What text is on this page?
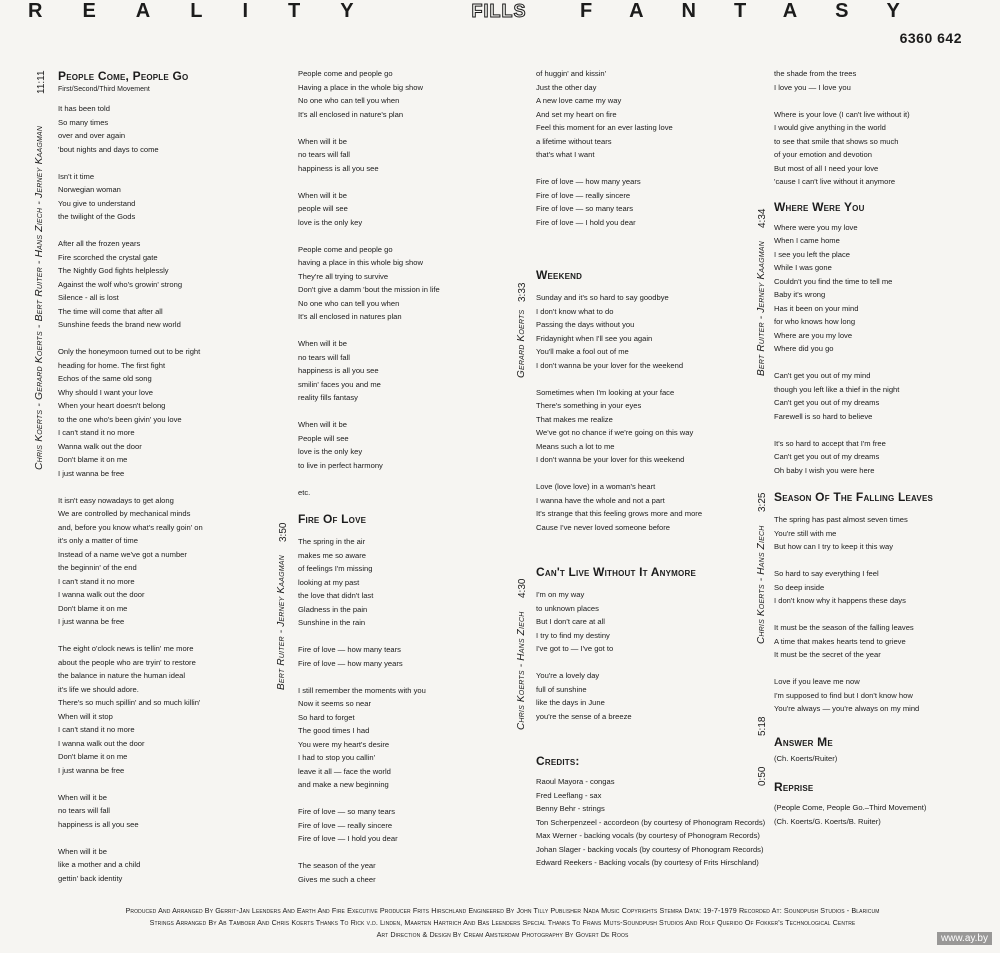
REALITY	FILLS	FANTASY
6360 642
Chris Koerts - Gerard Koerts - Bert Ruiter - Hans Ziech - Jerney Kaagman
11:11 People Come, People Go
First/Second/Third Movement
It has been told
So many times
over and over again
'bout nights and days to come
Isn't it time
Norwegian woman
You give to understand
the twilight of the Gods
After all the frozen years
Fire scorched the crystal gate
The Nightly God fights helplessly
Against the wolf who's growin' strong
Silence - all is lost
The time will come that after all
Sunshine feeds the brand new world
Only the honeymoon turned out to be right
heading for home. The first fight
Echos of the same old song
Why should I want your love
When your heart doesn't belong
to the one who's been givin' you love
I can't stand it no more
Wanna walk out the door
Don't blame it on me
I just wanna be free
It isn't easy nowadays to get along
We are controlled by mechanical minds
and, before you know what's really goin' on
it's only a matter of time
Instead of a name we've got a number
the beginnin' of the end
I can't stand it no more
I wanna walk out the door
Don't blame it on me
I just wanna be free
The eight o'clock news is tellin' me more
about the people who are tryin' to restore
the balance in nature the human ideal
it's life we should adore.
There's so much spillin' and so much killin'
When will it stop
I can't stand it no more
I wanna walk out the door
Don't blame it on me
I just wanna be free
When will it be
no tears will fall
happiness is all you see
When will it be
like a mother and a child
gettin' back identity
People come and people go
Having a place in the whole big show
No one who can tell you when
It's all enclosed in nature's plan
When will it be
no tears will fall
happiness is all you see
When will it be
people will see
love is the only key
People come and people go
having a place in this whole big show
They're all trying to survive
Don't give a damm 'bout the mission in life
No one who can tell you when
It's all enclosed in natures plan
When will it be
no tears will fall
happiness is all you see
smilin' faces you and me
reality fills fantasy
When will it be
People will see
love is the only key
to live in perfect harmony
etc.
Fire Of Love
The spring in the air
makes me so aware
of feelings I'm missing
looking at my past
the love that didn't last
Gladness in the pain
Sunshine in the rain
Fire of love — how many tears
Fire of love — how many years
I still remember the moments with you
Now it seems so near
So hard to forget
The good times I had
You were my heart's desire
I had to stop you callin'
leave it all — face the world
and make a new beginning
Fire of love — so many tears
Fire of love — really sincere
Fire of love — I hold you dear
The season of the year
Gives me such a cheer
Bert Ruiter - Jerney Kaagman
3:50
of huggin' and kissin'
Just the other day
A new love came my way
And set my heart on fire
Feel this moment for an ever lasting love
a lifetime without tears
that's what I want
Fire of love — how many years
Fire of love — really sincere
Fire of love — so many tears
Fire of love — I hold you dear
Weekend
Sunday and it's so hard to say goodbye
I don't know what to do
Passing the days without you
Fridaynight when I'll see you again
You'll make a fool out of me
I don't wanna be your lover for the weekend
Sometimes when I'm looking at your face
There's something in your eyes
That makes me realize
We've got no chance if we're going on this way
Means such a lot to me
I don't wanna be your lover for this weekend
Love (love love) in a woman's heart
I wanna have the whole and not a part
It's strange that this feeling grows more and more
Cause I've never loved someone before
Can't Live Without It Anymore
I'm on my way
to unknown places
But I don't care at all
I try to find my destiny
I've got to — I've got to
You're a lovely day
full of sunshine
like the days in June
you're the sense of a breeze
Credits:
Raoul Mayora - congas
Fred Leeflang - sax
Benny Behr - strings
Ton Scherpenzeel - accordeon (by courtesy of Phonogram Records)
Max Werner - backing vocals (by courtesy of Phonogram Records)
Johan Slager - backing vocals (by courtesy of Phonogram Records)
Edward Reekers - Backing vocals (by courtesy of Frits Hirschland)
Gerard Koerts
3:33
Chris Koerts - Hans Ziech
4:30
the shade from the trees
I love you — I love you
Where is your love (I can't live without it)
I would give anything in the world
to see that smile that shows so much
of your emotion and devotion
But most of all I need your love
'cause I can't live without it anymore
Where Were You
Where were you my love
When I came home
I see you left the place
While I was gone
Couldn't you find the time to tell me
Baby it's wrong
Has it been on your mind
for who knows how long
Where are you my love
Where did you go
Can't get you out of my mind
though you left like a thief in the night
Can't get you out of my dreams
Farewell is so hard to believe
It's so hard to accept that I'm free
Can't get you out of my dreams
Oh baby I wish you were here
Season Of The Falling Leaves
The spring has past almost seven times
You're still with me
But how can I try to keep it this way
So hard to say everything I feel
So deep inside
I don't know why it happens these days
It must be the season of the falling leaves
A time that makes hearts tend to grieve
It must be the secret of the year
Love if you leave me now
I'm supposed to find but I don't know how
You're always — you're always on my mind
Answer Me
(Ch. Koerts/Ruiter)
Reprise
(People Come, People Go.–Third Movement)
(Ch. Koerts/G. Koerts/B. Ruiter)
Bert Ruiter - Jerney Kaagman
4:34
Chris Koerts - Hans Ziech
3:25
5:18
0:50
Produced And Arranged By Gerrit-Jan Leenders And Earth And Fire Executive Producer Frits Hirschland Engineered By John Tilly Publisher Nada Music Copyrights Stemra Data: 19-7-1979 Recorded At: Soundpush Studios - Blaricum
Strings Arranged By Ab Tamboer And Chris Koerts Thanks To Rick v.d. Linden, Maarten Hartrich And Bas Leenders Special Thanks To Frans Mijts-Soundpush Studios And Rolf Querido Of Fokker's Technological Centre
Art Direction & Design By Cream Amsterdam Photography By Govert De Roos	www.ay.by
